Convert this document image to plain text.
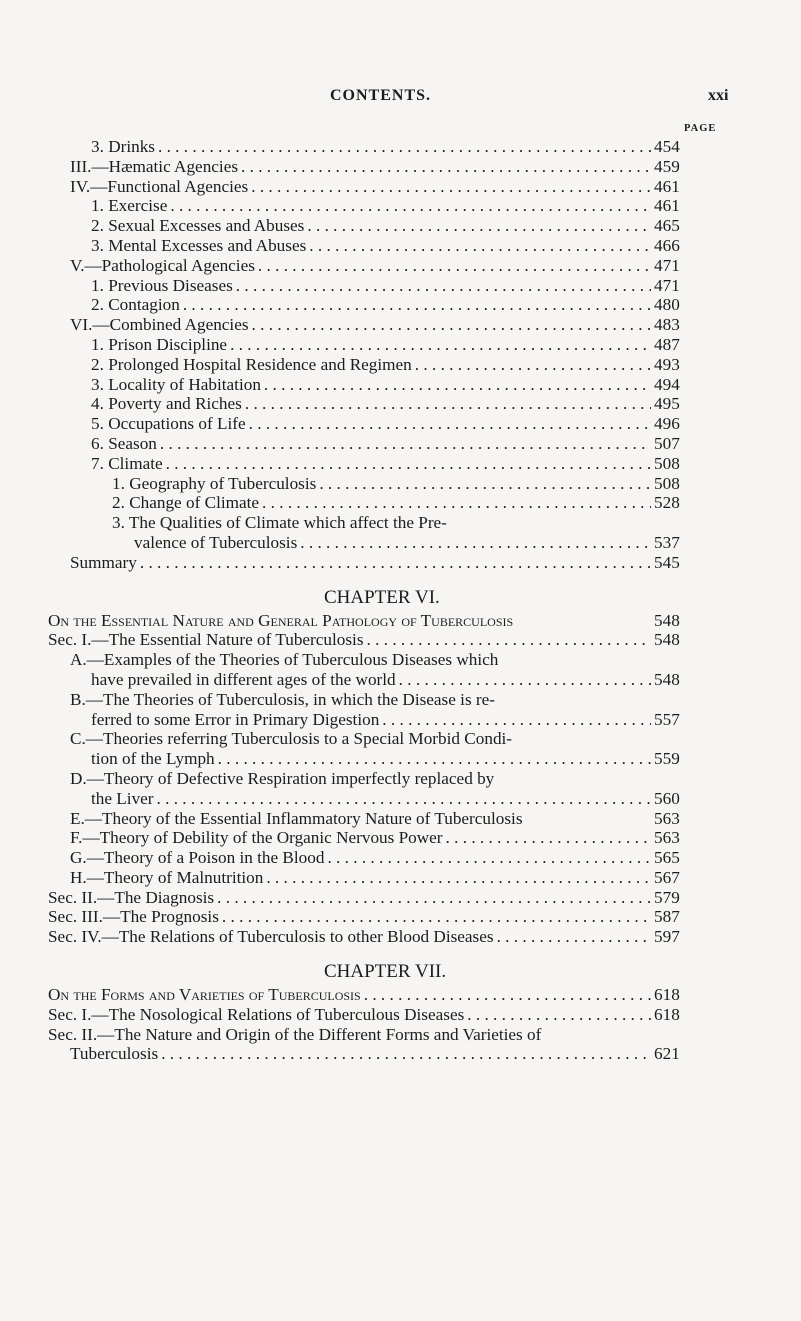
CONTENTS.	xxi
PAGE
3. Drinks . . .	454
III.—Hæmatic Agencies . . .	459
IV.—Functional Agencies . . .	461
1. Exercise . . .	461
2. Sexual Excesses and Abuses . . .	465
3. Mental Excesses and Abuses . . .	466
V.—Pathological Agencies . . .	471
1. Previous Diseases . . .	471
2. Contagion . . .	480
VI.—Combined Agencies . . .	483
1. Prison Discipline . . .	487
2. Prolonged Hospital Residence and Regimen . . .	493
3. Locality of Habitation . . .	494
4. Poverty and Riches . . .	495
5. Occupations of Life . . .	496
6. Season . . .	507
7. Climate . . .	508
1. Geography of Tuberculosis . . .	508
2. Change of Climate . . .	528
3. The Qualities of Climate which affect the Pre-
valence of Tuberculosis . . .	537
Summary . . .	545
CHAPTER VI.
On the Essential Nature and General Pathology of Tuberculosis	548
Sec. I.—The Essential Nature of Tuberculosis . . .	548
A.—Examples of the Theories of Tuberculous Diseases which
have prevailed in different ages of the world . . .	548
B.—The Theories of Tuberculosis, in which the Disease is re-
ferred to some Error in Primary Digestion . . .	557
C.—Theories referring Tuberculosis to a Special Morbid Condi-
tion of the Lymph . . .	559
D.—Theory of Defective Respiration imperfectly replaced by
the Liver . . .	560
E.—Theory of the Essential Inflammatory Nature of Tuberculosis	563
F.—Theory of Debility of the Organic Nervous Power . . .	563
G.—Theory of a Poison in the Blood . . .	565
H.—Theory of Malnutrition . . .	567
Sec. II.—The Diagnosis . . .	579
Sec. III.—The Prognosis . . .	587
Sec. IV.—The Relations of Tuberculosis to other Blood Diseases . . .	597
CHAPTER VII.
On the Forms and Varieties of Tuberculosis . . .	618
Sec. I.—The Nosological Relations of Tuberculous Diseases . . .	618
Sec. II.—The Nature and Origin of the Different Forms and Varieties of
Tuberculosis . . .	621
